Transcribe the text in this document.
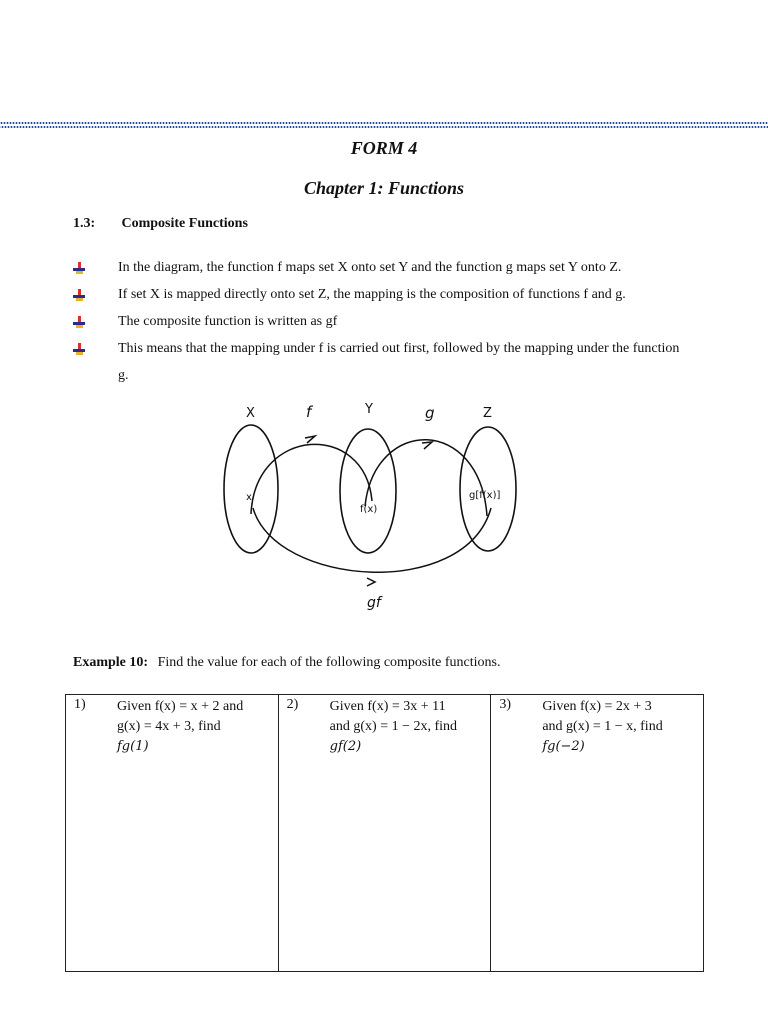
FORM 4
Chapter 1: Functions
1.3: Composite Functions
In the diagram, the function f maps set X onto set Y and the function g maps set Y onto Z.
If set X is mapped directly onto set Z, the mapping is the composition of functions f and g.
The composite function is written as gf
This means that the mapping under f is carried out first, followed by the mapping under the function g.
X	Y	Z
f	g
gf
x
f(x)
g[f(x)]
Example 10: Find the value for each of the following composite functions.
1)	Given f(x) = x + 2 and
g(x) = 4x + 3, find
fg(1)

2)	Given f(x) = 3x + 11
and g(x) = 1 − 2x, find
gf(2)

3)	Given f(x) = 2x + 3
and g(x) = 1 − x, find
fg(−2)
